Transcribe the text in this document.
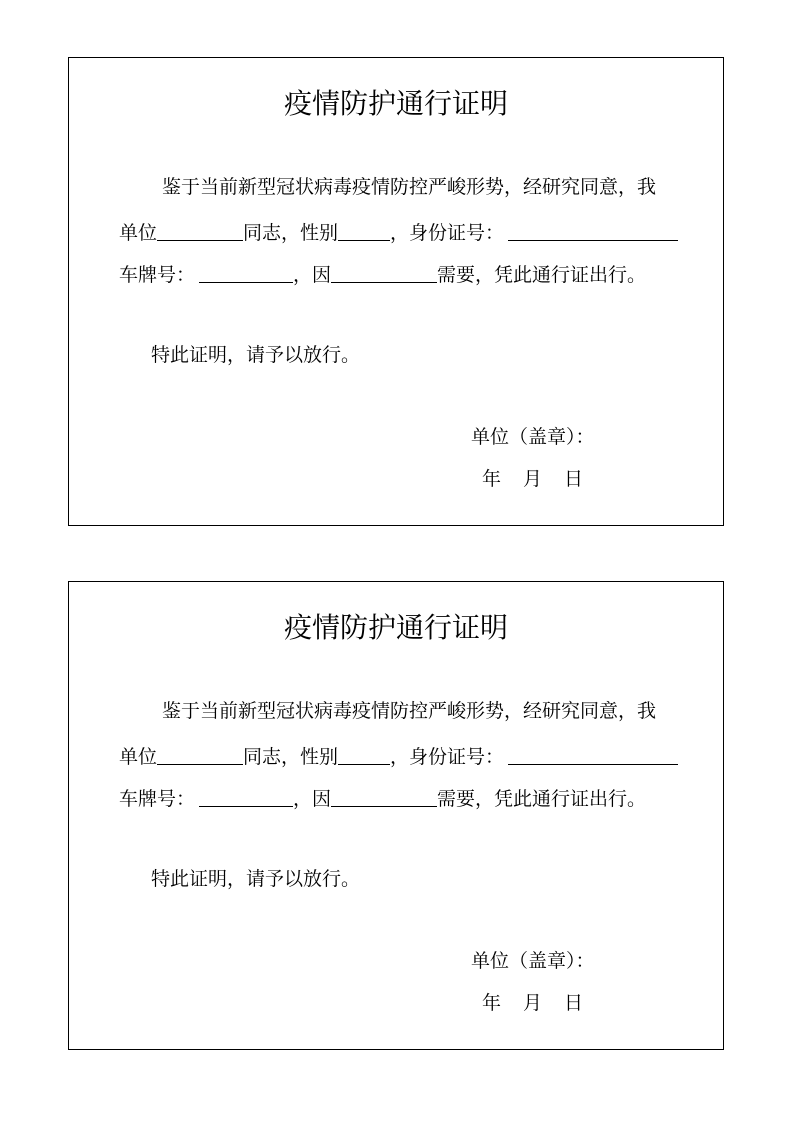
疫情防护通行证明
鉴于当前新型冠状病毒疫情防控严峻形势，经研究同意，我
单位	同志，性别	，身份证号：
车牌号：	，因	需要，凭此通行证出行。
特此证明，请予以放行。
单位（盖章）：
年 月 日
疫情防护通行证明
鉴于当前新型冠状病毒疫情防控严峻形势，经研究同意，我
单位	同志，性别	，身份证号：
车牌号：	，因	需要，凭此通行证出行。
特此证明，请予以放行。
单位（盖章）：
年 月 日
